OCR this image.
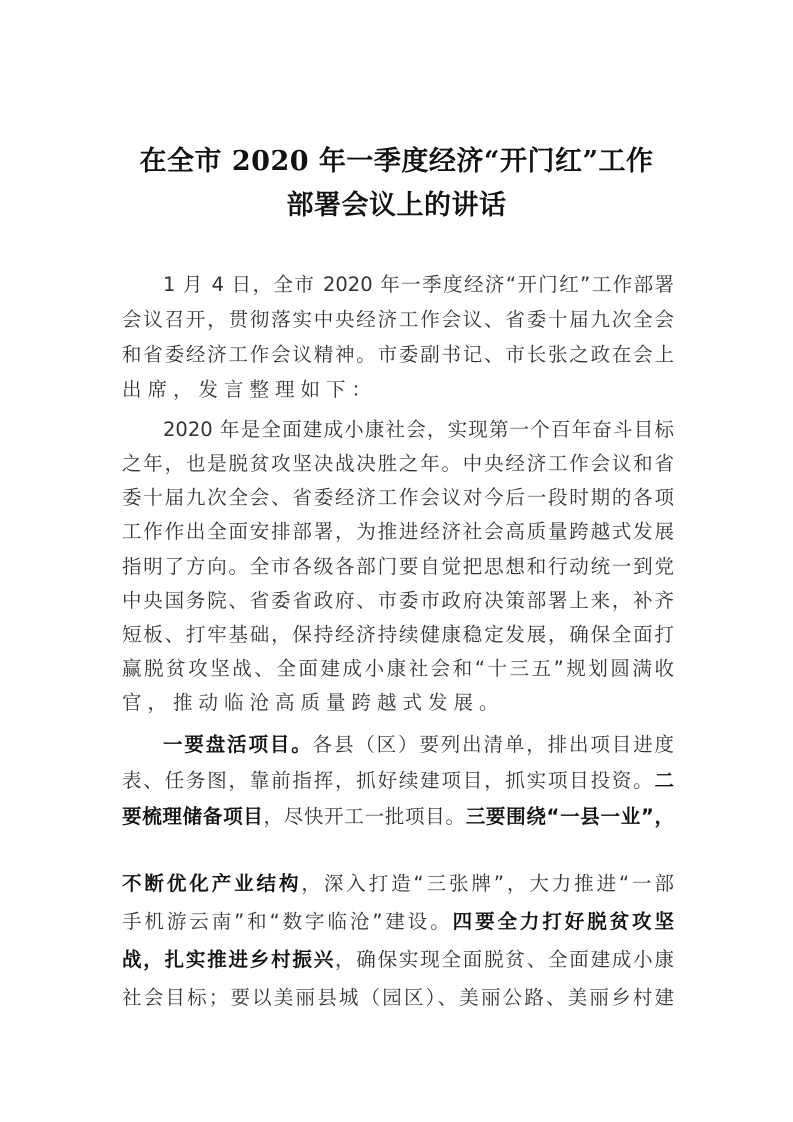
在全市 2020 年一季度经济“开门红”工作
部署会议上的讲话
1 月 4 日，全市 2020 年一季度经济“开门红”工作部署
会议召开，贯彻落实中央经济工作会议、省委十届九次全会
和省委经济工作会议精神。市委副书记、市长张之政在会上
出席，发言整理如下：
2020 年是全面建成小康社会，实现第一个百年奋斗目标
之年，也是脱贫攻坚决战决胜之年。中央经济工作会议和省
委十届九次全会、省委经济工作会议对今后一段时期的各项
工作作出全面安排部署，为推进经济社会高质量跨越式发展
指明了方向。全市各级各部门要自觉把思想和行动统一到党
中央国务院、省委省政府、市委市政府决策部署上来，补齐
短板、打牢基础，保持经济持续健康稳定发展，确保全面打
赢脱贫攻坚战、全面建成小康社会和“十三五”规划圆满收
官，推动临沧高质量跨越式发展。
一要盘活项目。各县（区）要列出清单，排出项目进度
表、任务图，靠前指挥，抓好续建项目，抓实项目投资。二
要梳理储备项目，尽快开工一批项目。三要围绕“一县一业”，
不断优化产业结构，深入打造“三张牌”，大力推进“一部
手机游云南”和“数字临沧”建设。四要全力打好脱贫攻坚
战，扎实推进乡村振兴，确保实现全面脱贫、全面建成小康
社会目标；要以美丽县城（园区）、美丽公路、美丽乡村建
